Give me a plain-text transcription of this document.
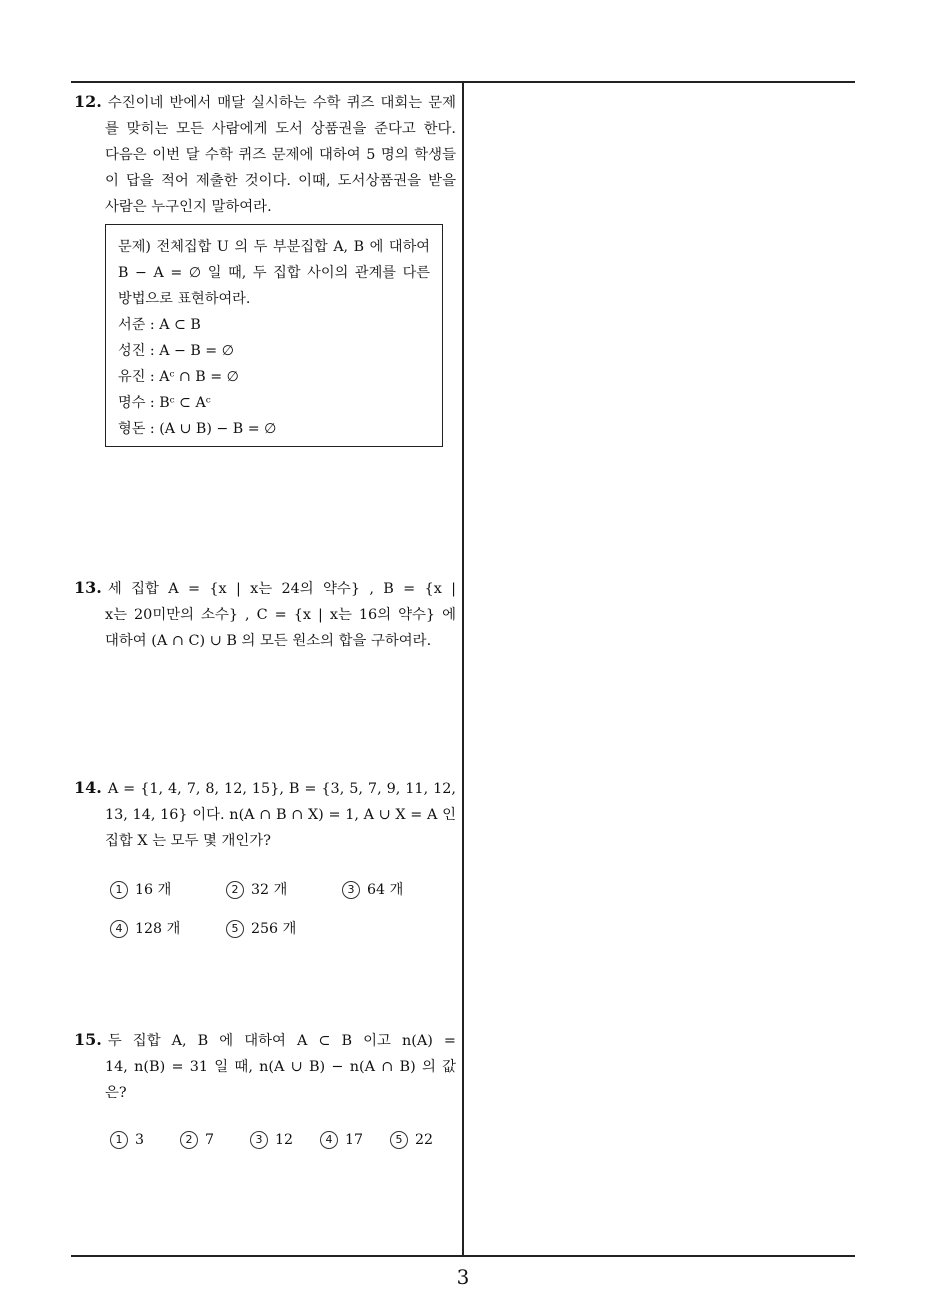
12. 수진이네 반에서 매달 실시하는 수학 퀴즈 대회는 문제
를 맞히는 모든 사람에게 도서 상품권을 준다고 한다.
다음은 이번 달 수학 퀴즈 문제에 대하여 5 명의 학생들
이 답을 적어 제출한 것이다. 이때, 도서상품권을 받을
사람은 누구인지 말하여라.

문제) 전체집합 U 의 두 부분집합 A, B 에 대하여
B − A = ∅ 일 때, 두 집합 사이의 관계를 다른
방법으로 표현하여라.
서준 : A ⊂ B
성진 : A − B = ∅
유진 : Aᶜ ∩ B = ∅
명수 : Bᶜ ⊂ Aᶜ
형돈 : (A ∪ B) − B = ∅

13. 세 집합 A = {x | x는 24의 약수} , B = {x |
x는 20미만의 소수} , C = {x | x는 16의 약수} 에
대하여 (A ∩ C) ∪ B 의 모든 원소의 합을 구하여라.

14. A = {1, 4, 7, 8, 12, 15}, B = {3, 5, 7, 9, 11, 12,
13, 14, 16} 이다. n(A ∩ B ∩ X) = 1, A ∪ X = A 인
집합 X 는 모두 몇 개인가?

1 16 개	2 32 개	3 64 개
4 128 개	5 256 개

15. 두 집합 A, B 에 대하여 A ⊂ B 이고 n(A) =
14, n(B) = 31 일 때, n(A ∪ B) − n(A ∩ B) 의 값
은?

1 3	2 7	3 12	4 17	5 22
3
